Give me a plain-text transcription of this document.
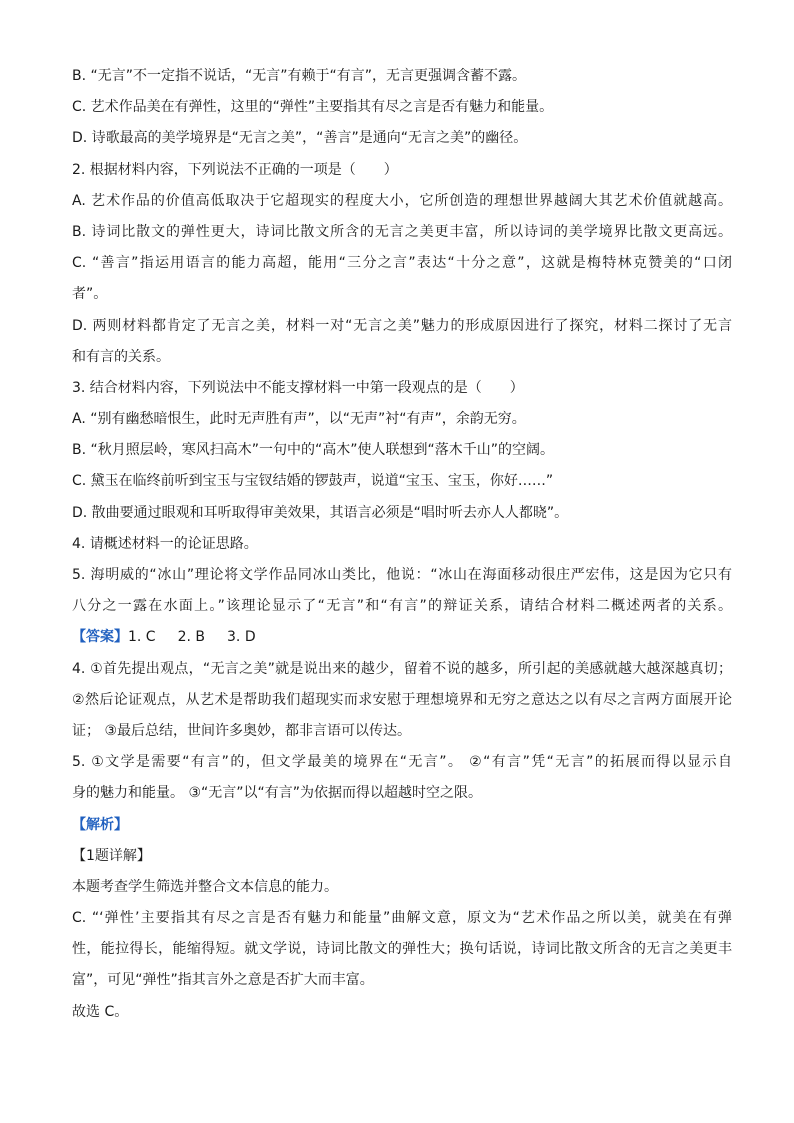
B. “无言”不一定指不说话，“无言”有赖于“有言”，无言更强调含蓄不露。
C. 艺术作品美在有弹性，这里的“弹性”主要指其有尽之言是否有魅力和能量。
D. 诗歌最高的美学境界是“无言之美”，“善言”是通向“无言之美”的幽径。
2. 根据材料内容，下列说法不正确的一项是（　　）
A. 艺术作品的价值高低取决于它超现实的程度大小，它所创造的理想世界越阔大其艺术价值就越高。
B. 诗词比散文的弹性更大，诗词比散文所含的无言之美更丰富，所以诗词的美学境界比散文更高远。
C. “善言”指运用语言的能力高超，能用“三分之言”表达“十分之意”，这就是梅特林克赞美的“口闭
者”。
D. 两则材料都肯定了无言之美，材料一对“无言之美”魅力的形成原因进行了探究，材料二探讨了无言
和有言的关系。
3. 结合材料内容，下列说法中不能支撑材料一中第一段观点的是（　　）
A. “别有幽愁暗恨生，此时无声胜有声”，以“无声”衬“有声”，余韵无穷。
B. “秋月照层岭，寒风扫高木”一句中的“高木”使人联想到“落木千山”的空阔。
C. 黛玉在临终前听到宝玉与宝钗结婚的锣鼓声，说道“宝玉、宝玉，你好……”
D. 散曲要通过眼观和耳听取得审美效果，其语言必须是“唱时听去亦人人都晓”。
4. 请概述材料一的论证思路。
5. 海明威的“冰山”理论将文学作品同冰山类比，他说：“冰山在海面移动很庄严宏伟，这是因为它只有
八分之一露在水面上。”该理论显示了“无言”和“有言”的辩证关系，请结合材料二概述两者的关系。
【答案】1. C 2. B 3. D
4. ①首先提出观点，“无言之美”就是说出来的越少，留着不说的越多，所引起的美感就越大越深越真切；
②然后论证观点，从艺术是帮助我们超现实而求安慰于理想境界和无穷之意达之以有尽之言两方面展开论
证； ③最后总结，世间许多奥妙，都非言语可以传达。
5. ①文学是需要“有言”的，但文学最美的境界在“无言”。 ②“有言”凭“无言”的拓展而得以显示自
身的魅力和能量。 ③“无言”以“有言”为依据而得以超越时空之限。
【解析】
【1题详解】
本题考查学生筛选并整合文本信息的能力。
C. “‘弹性’主要指其有尽之言是否有魅力和能量”曲解文意，原文为“艺术作品之所以美，就美在有弹
性，能拉得长，能缩得短。就文学说，诗词比散文的弹性大；换句话说，诗词比散文所含的无言之美更丰
富”，可见“弹性”指其言外之意是否扩大而丰富。
故选 C。
